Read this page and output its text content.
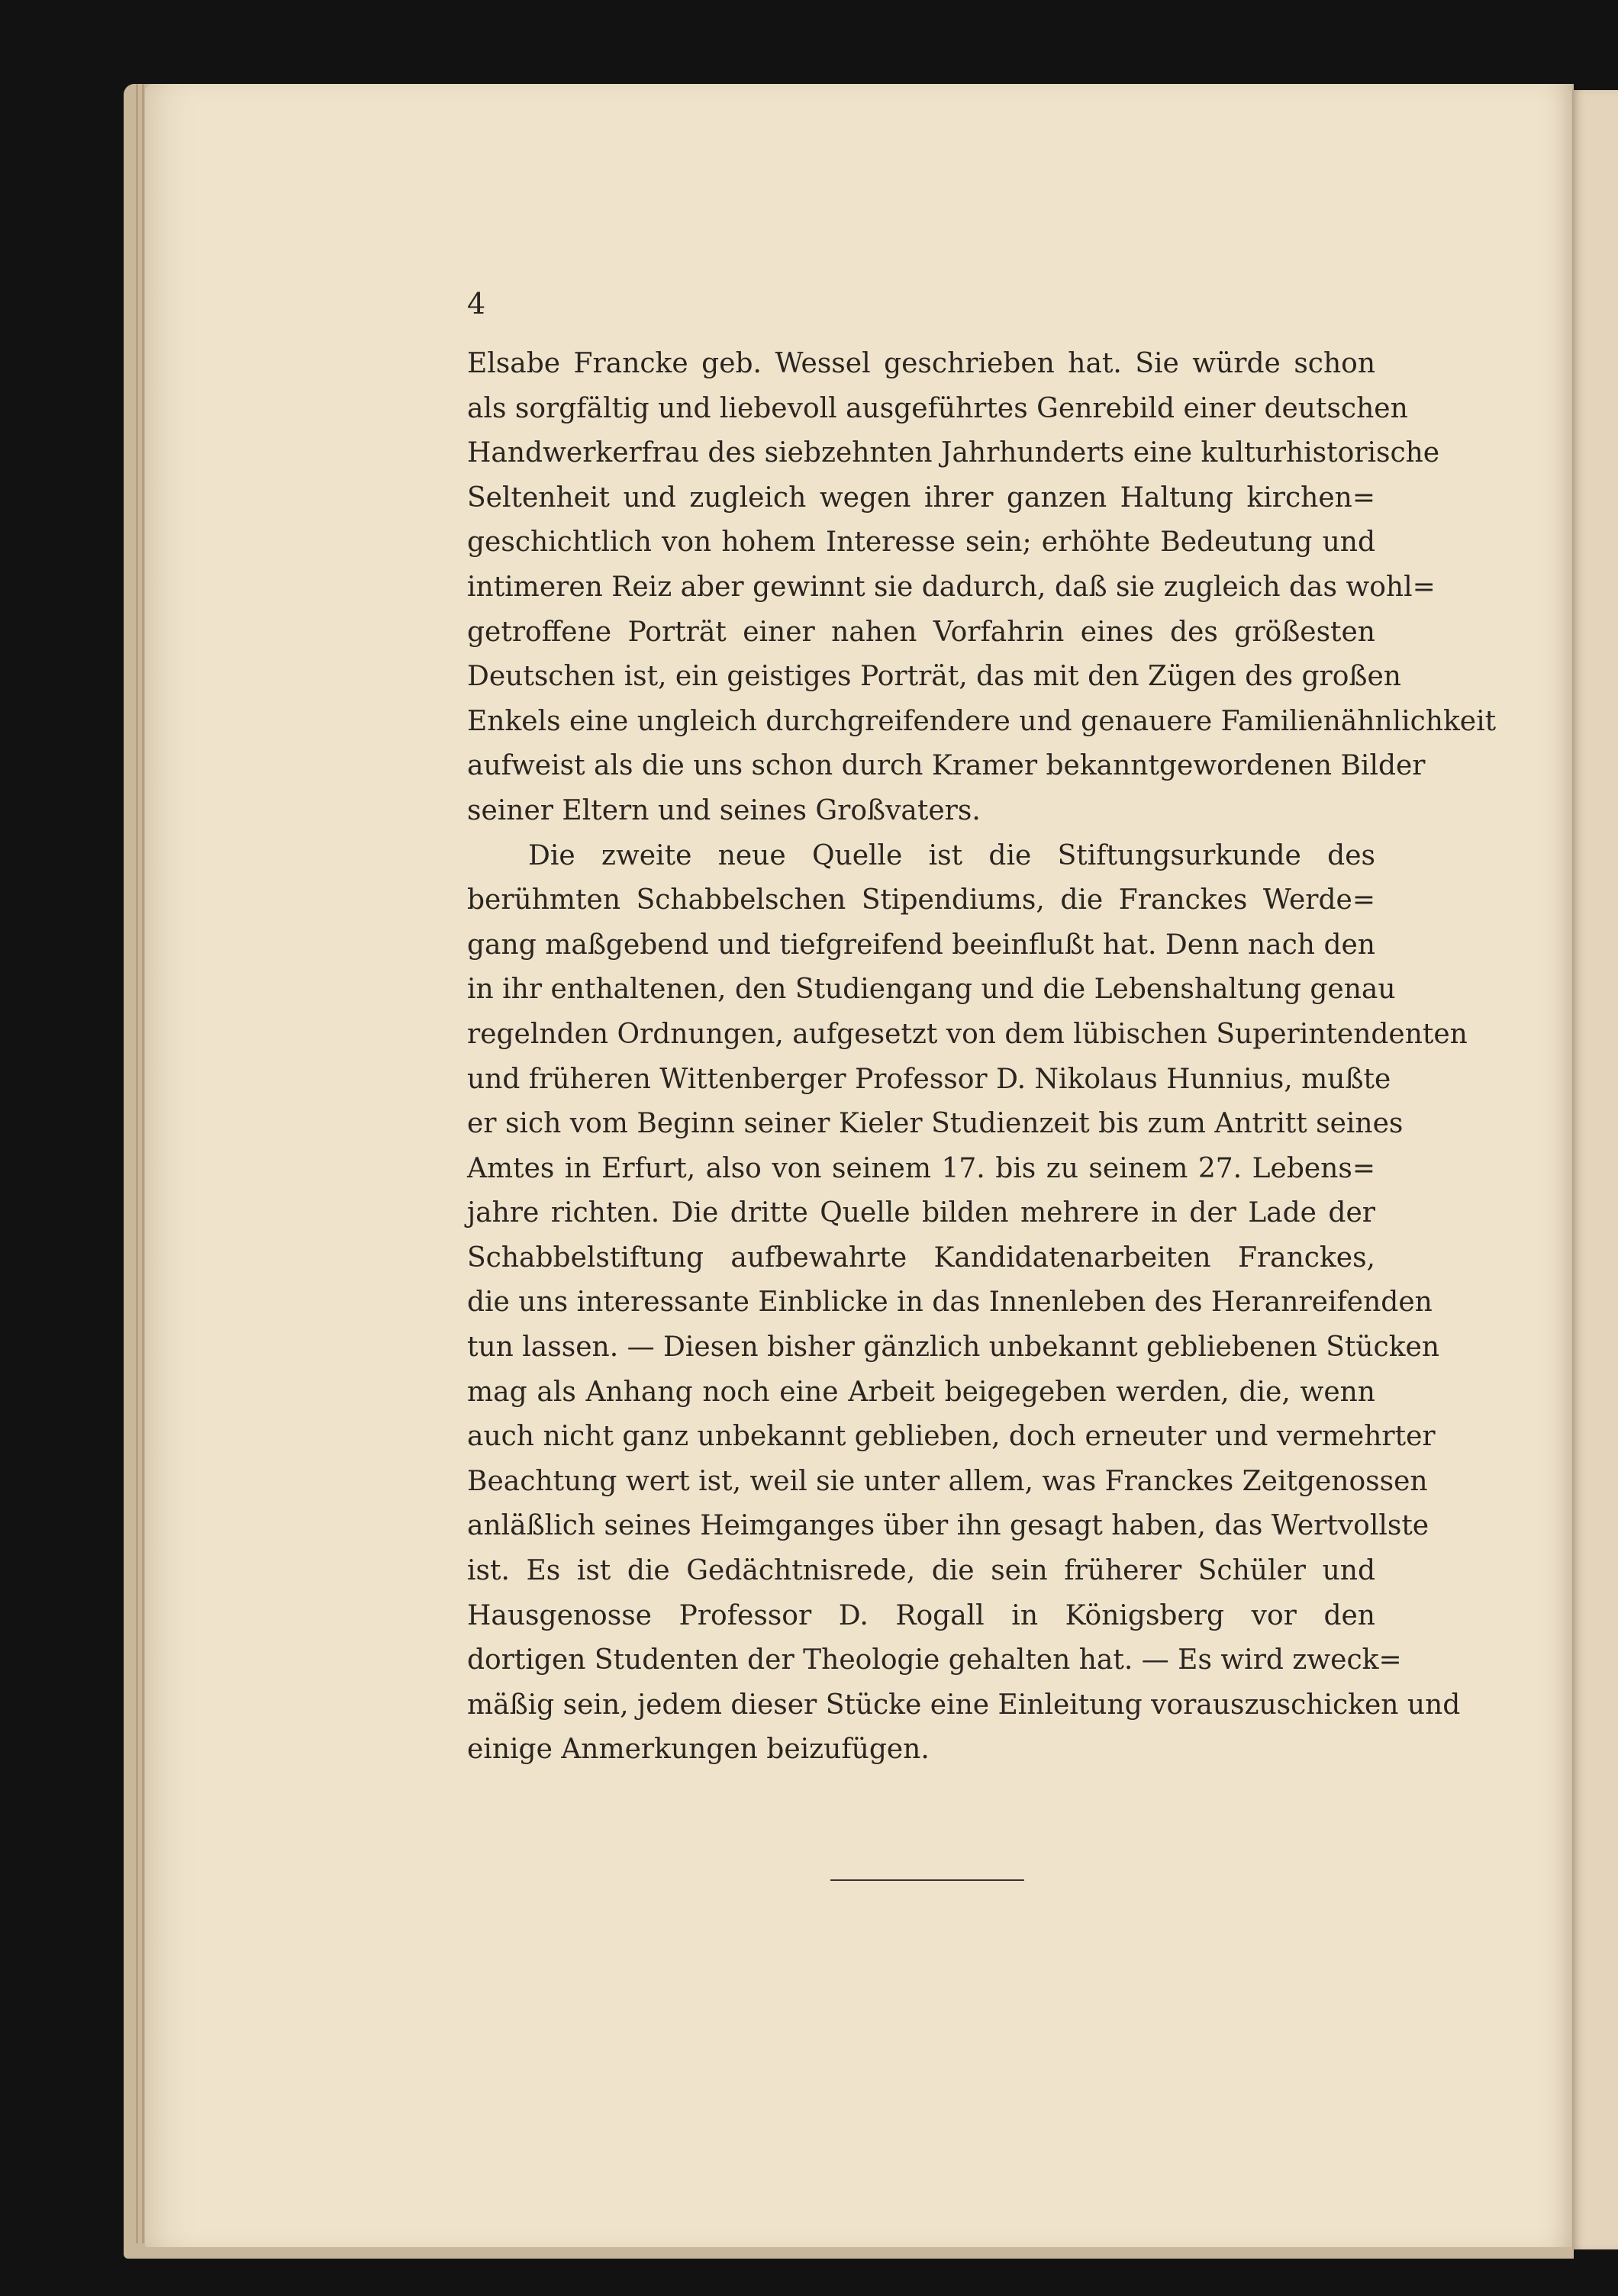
4

Elsabe Francke geb. Wessel geschrieben hat. Sie würde schon
als sorgfältig und liebevoll ausgeführtes Genrebild einer deutschen
Handwerkerfrau des siebzehnten Jahrhunderts eine kulturhistorische
Seltenheit und zugleich wegen ihrer ganzen Haltung kirchen=
geschichtlich von hohem Interesse sein; erhöhte Bedeutung und
intimeren Reiz aber gewinnt sie dadurch, daß sie zugleich das wohl=
getroffene Porträt einer nahen Vorfahrin eines des größesten
Deutschen ist, ein geistiges Porträt, das mit den Zügen des großen
Enkels eine ungleich durchgreifendere und genauere Familienähnlichkeit
aufweist als die uns schon durch Kramer bekanntgewordenen Bilder
seiner Eltern und seines Großvaters.
Die zweite neue Quelle ist die Stiftungsurkunde des
berühmten Schabbelschen Stipendiums, die Franckes Werde=
gang maßgebend und tiefgreifend beeinflußt hat. Denn nach den
in ihr enthaltenen, den Studiengang und die Lebenshaltung genau
regelnden Ordnungen, aufgesetzt von dem lübischen Superintendenten
und früheren Wittenberger Professor D. Nikolaus Hunnius, mußte
er sich vom Beginn seiner Kieler Studienzeit bis zum Antritt seines
Amtes in Erfurt, also von seinem 17. bis zu seinem 27. Lebens=
jahre richten. Die dritte Quelle bilden mehrere in der Lade der
Schabbelstiftung aufbewahrte Kandidatenarbeiten Franckes,
die uns interessante Einblicke in das Innenleben des Heranreifenden
tun lassen. — Diesen bisher gänzlich unbekannt gebliebenen Stücken
mag als Anhang noch eine Arbeit beigegeben werden, die, wenn
auch nicht ganz unbekannt geblieben, doch erneuter und vermehrter
Beachtung wert ist, weil sie unter allem, was Franckes Zeitgenossen
anläßlich seines Heimganges über ihn gesagt haben, das Wertvollste
ist. Es ist die Gedächtnisrede, die sein früherer Schüler und
Hausgenosse Professor D. Rogall in Königsberg vor den
dortigen Studenten der Theologie gehalten hat. — Es wird zweck=
mäßig sein, jedem dieser Stücke eine Einleitung vorauszuschicken und
einige Anmerkungen beizufügen.
